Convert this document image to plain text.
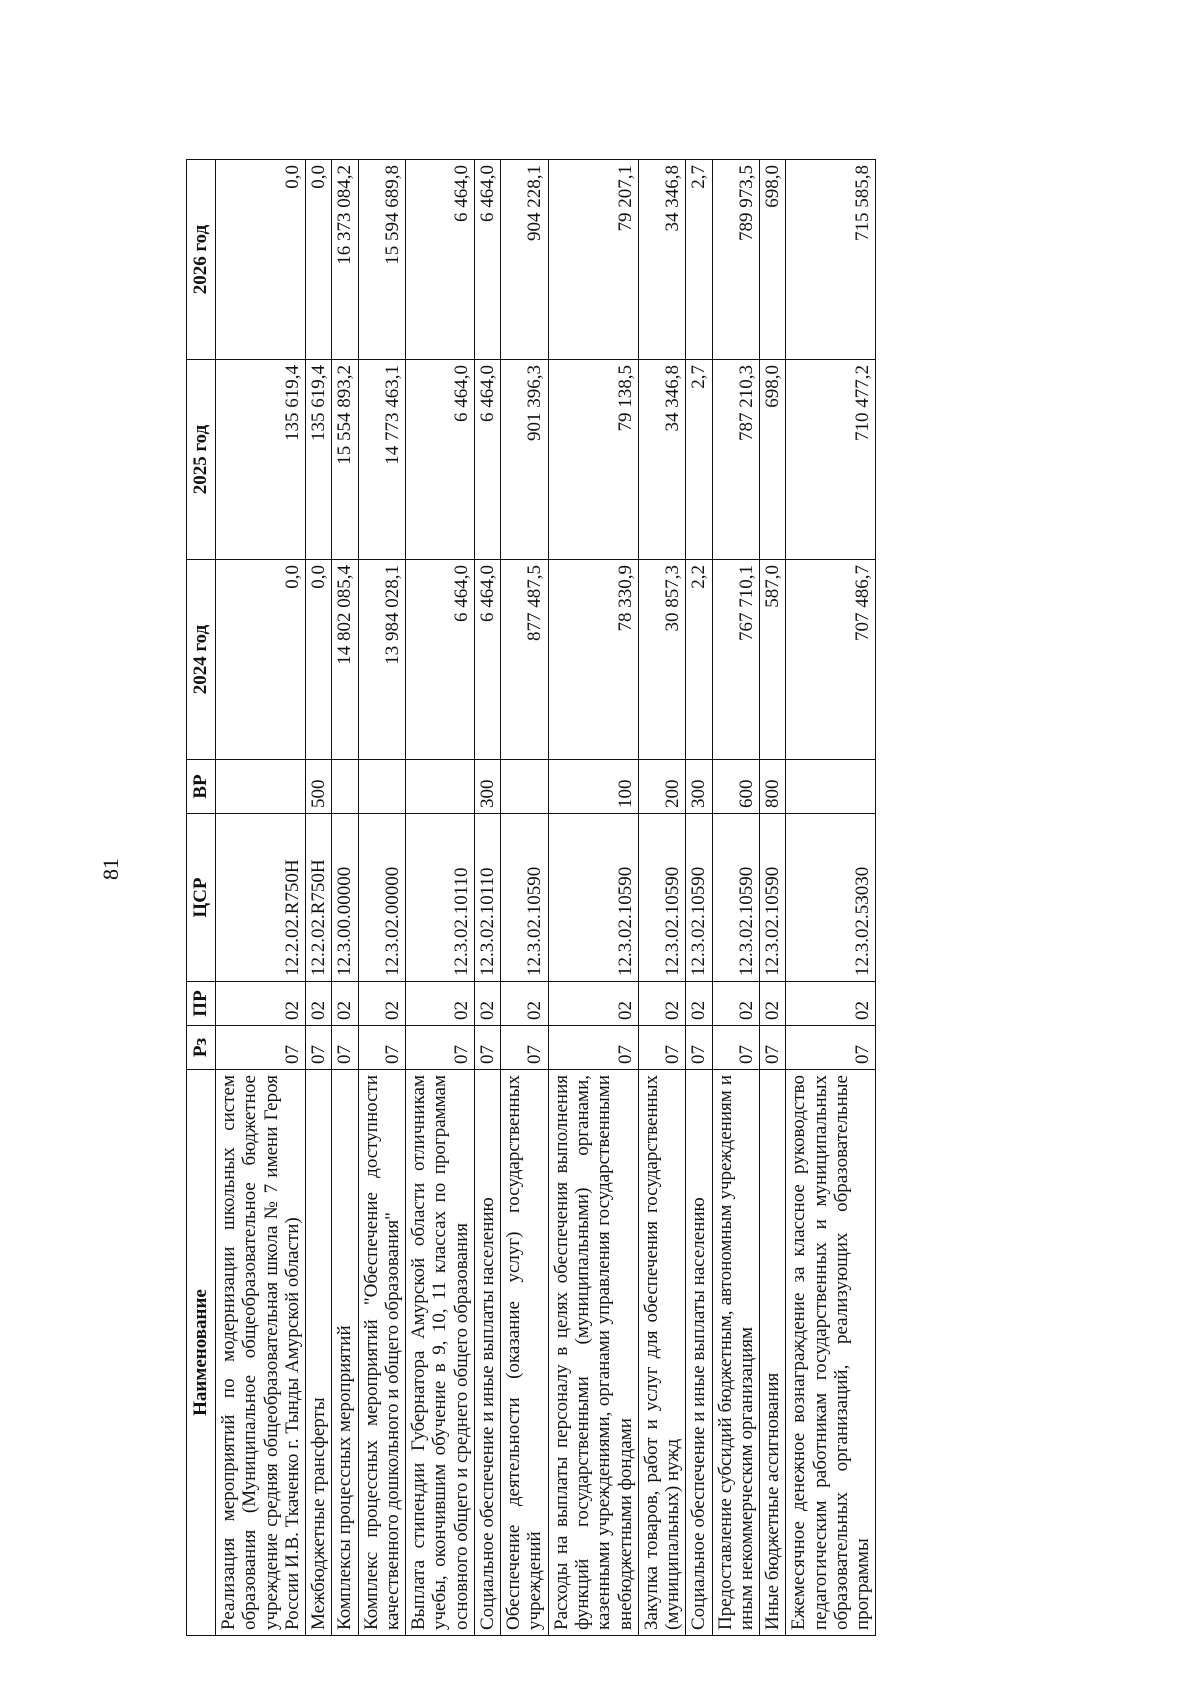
81
Наименование	Рз	ПР	ЦСР	ВР	2024 год	2025 год	2026 год
Реализация мероприятий по модернизации школьных систем образования (Муниципальное общеобразовательное бюджетное учреждение средняя общеобразовательная школа № 7 имени Героя России И.В. Ткаченко г. Тынды Амурской области)	07	02	12.2.02.R750H		0,0	135 619,4	0,0
Межбюджетные трансферты	07	02	12.2.02.R750H	500	0,0	135 619,4	0,0
Комплексы процессных мероприятий	07	02	12.3.00.00000		14 802 085,4	15 554 893,2	16 373 084,2
Комплекс процессных мероприятий "Обеспечение доступности качественного дошкольного и общего образования"	07	02	12.3.02.00000		13 984 028,1	14 773 463,1	15 594 689,8
Выплата стипендии Губернатора Амурской области отличникам учебы, окончившим обучение в 9, 10, 11 классах по программам основного общего и среднего общего образования	07	02	12.3.02.10110		6 464,0	6 464,0	6 464,0
Социальное обеспечение и иные выплаты населению	07	02	12.3.02.10110	300	6 464,0	6 464,0	6 464,0
Обеспечение деятельности (оказание услуг) государственных учреждений	07	02	12.3.02.10590		877 487,5	901 396,3	904 228,1
Расходы на выплаты персоналу в целях обеспечения выполнения функций государственными (муниципальными) органами, казенными учреждениями, органами управления государственными внебюджетными фондами	07	02	12.3.02.10590	100	78 330,9	79 138,5	79 207,1
Закупка товаров, работ и услуг для обеспечения государственных (муниципальных) нужд	07	02	12.3.02.10590	200	30 857,3	34 346,8	34 346,8
Социальное обеспечение и иные выплаты населению	07	02	12.3.02.10590	300	2,2	2,7	2,7
Предоставление субсидий бюджетным, автономным учреждениям и иным некоммерческим организациям	07	02	12.3.02.10590	600	767 710,1	787 210,3	789 973,5
Иные бюджетные ассигнования	07	02	12.3.02.10590	800	587,0	698,0	698,0
Ежемесячное денежное вознаграждение за классное руководство педагогическим работникам государственных и муниципальных образовательных организаций, реализующих образовательные программы	07	02	12.3.02.53030		707 486,7	710 477,2	715 585,8
